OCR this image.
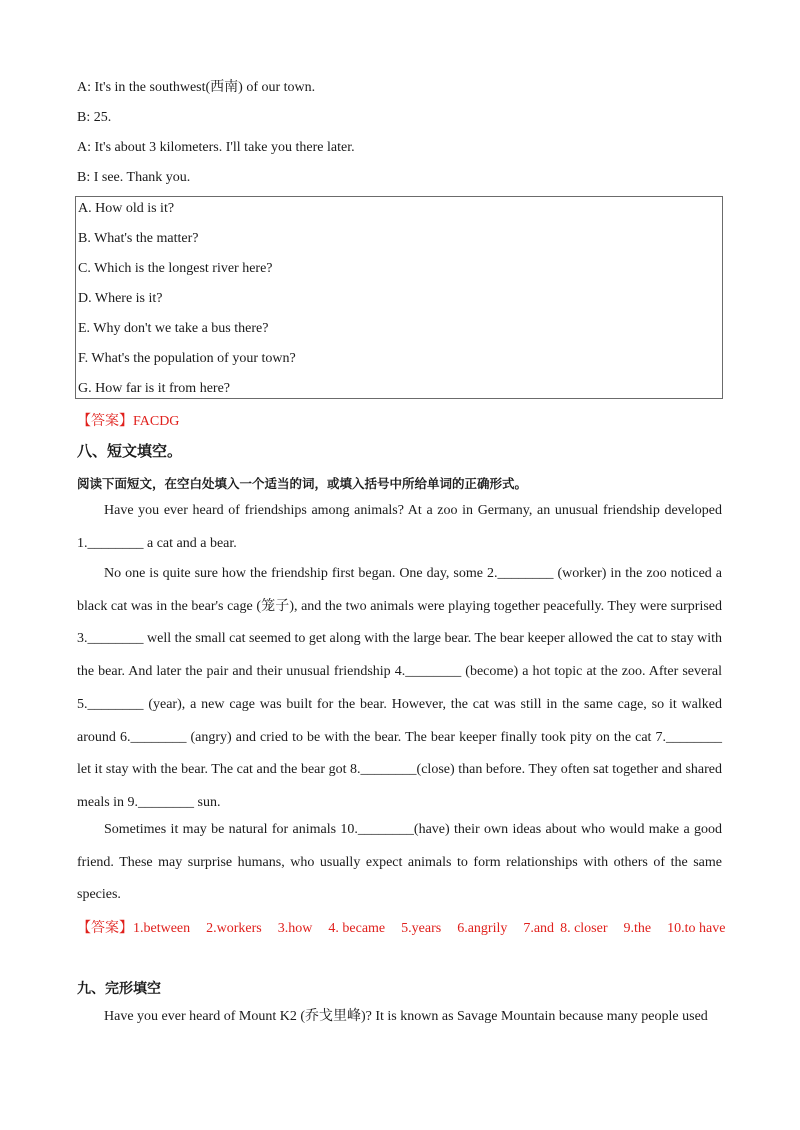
A: It's in the southwest(西南) of our town.
B: 25.
A: It's about 3 kilometers. I'll take you there later.
B: I see. Thank you.
A. How old is it?
B. What's the matter?
C. Which is the longest river here?
D. Where is it?
E. Why don't we take a bus there?
F. What's the population of your town?
G. How far is it from here?
【答案】FACDG
八、短文填空。
阅读下面短文，在空白处填入一个适当的词，或填入括号中所给单词的正确形式。
Have you ever heard of friendships among animals? At a zoo in Germany, an unusual friendship developed 1.________ a cat and a bear.
No one is quite sure how the friendship first began. One day, some 2.________ (worker) in the zoo noticed a black cat was in the bear's cage (笼子), and the two animals were playing together peacefully. They were surprised 3.________ well the small cat seemed to get along with the large bear. The bear keeper allowed the cat to stay with the bear. And later the pair and their unusual friendship 4.________ (become) a hot topic at the zoo. After several 5.________ (year), a new cage was built for the bear. However, the cat was still in the same cage, so it walked around 6.________ (angry) and cried to be with the bear. The bear keeper finally took pity on the cat 7.________ let it stay with the bear. The cat and the bear got 8.________(close) than before. They often sat together and shared meals in 9.________ sun.
Sometimes it may be natural for animals 10.________(have) their own ideas about who would make a good friend. These may surprise humans, who usually expect animals to form relationships with others of the same species.
【答案】1.between 2.workers 3.how 4. became 5.years 6.angrily 7.and 8. closer 9.the 10.to have
九、完形填空
Have you ever heard of Mount K2 (乔戈里峰)? It is known as Savage Mountain because many people used
